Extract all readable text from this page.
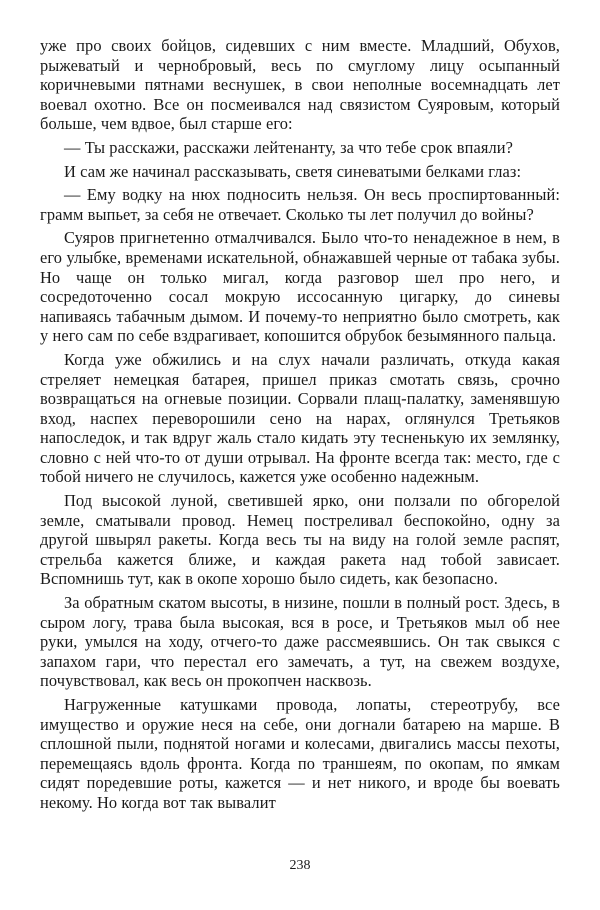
уже про своих бойцов, сидевших с ним вместе. Младший, Обухов, рыжеватый и чернобровый, весь по смуглому лицу осыпанный коричневыми пятнами веснушек, в свои неполные восемнадцать лет воевал охотно. Все он посмеивался над связистом Суяровым, который больше, чем вдвое, был старше его:

— Ты расскажи, расскажи лейтенанту, за что тебе срок впаяли?

И сам же начинал рассказывать, светя синеватыми белками глаз:

— Ему водку на нюх подносить нельзя. Он весь проспиртованный: грамм выпьет, за себя не отвечает. Сколько ты лет получил до войны?

Суяров пригнетенно отмалчивался. Было что-то ненадежное в нем, в его улыбке, временами искательной, обнажавшей черные от табака зубы. Но чаще он только мигал, когда разговор шел про него, и сосредоточенно сосал мокрую иссосанную цигарку, до синевы напиваясь табачным дымом. И почему-то неприятно было смотреть, как у него сам по себе вздрагивает, копошится обрубок безымянного пальца.

Когда уже обжились и на слух начали различать, откуда какая стреляет немецкая батарея, пришел приказ смотать связь, срочно возвращаться на огневые позиции. Сорвали плащ-палатку, заменявшую вход, наспех переворошили сено на нарах, оглянулся Третьяков напоследок, и так вдруг жаль стало кидать эту тесненькую их землянку, словно с ней что-то от души отрывал. На фронте всегда так: место, где с тобой ничего не случилось, кажется уже особенно надежным.

Под высокой луной, светившей ярко, они ползали по обгорелой земле, сматывали провод. Немец постреливал беспокойно, одну за другой швырял ракеты. Когда весь ты на виду на голой земле распят, стрельба кажется ближе, и каждая ракета над тобой зависает. Вспомнишь тут, как в окопе хорошо было сидеть, как безопасно.

За обратным скатом высоты, в низине, пошли в полный рост. Здесь, в сыром логу, трава была высокая, вся в росе, и Третьяков мыл об нее руки, умылся на ходу, отчего-то даже рассмеявшись. Он так свыкся с запахом гари, что перестал его замечать, а тут, на свежем воздухе, почувствовал, как весь он прокопчен насквозь.

Нагруженные катушками провода, лопаты, стереотрубу, все имущество и оружие неся на себе, они догнали батарею на марше. В сплошной пыли, поднятой ногами и колесами, двигались массы пехоты, перемещаясь вдоль фронта. Когда по траншеям, по окопам, по ямкам сидят поредевшие роты, кажется — и нет никого, и вроде бы воевать некому. Но когда вот так вывалит

238
